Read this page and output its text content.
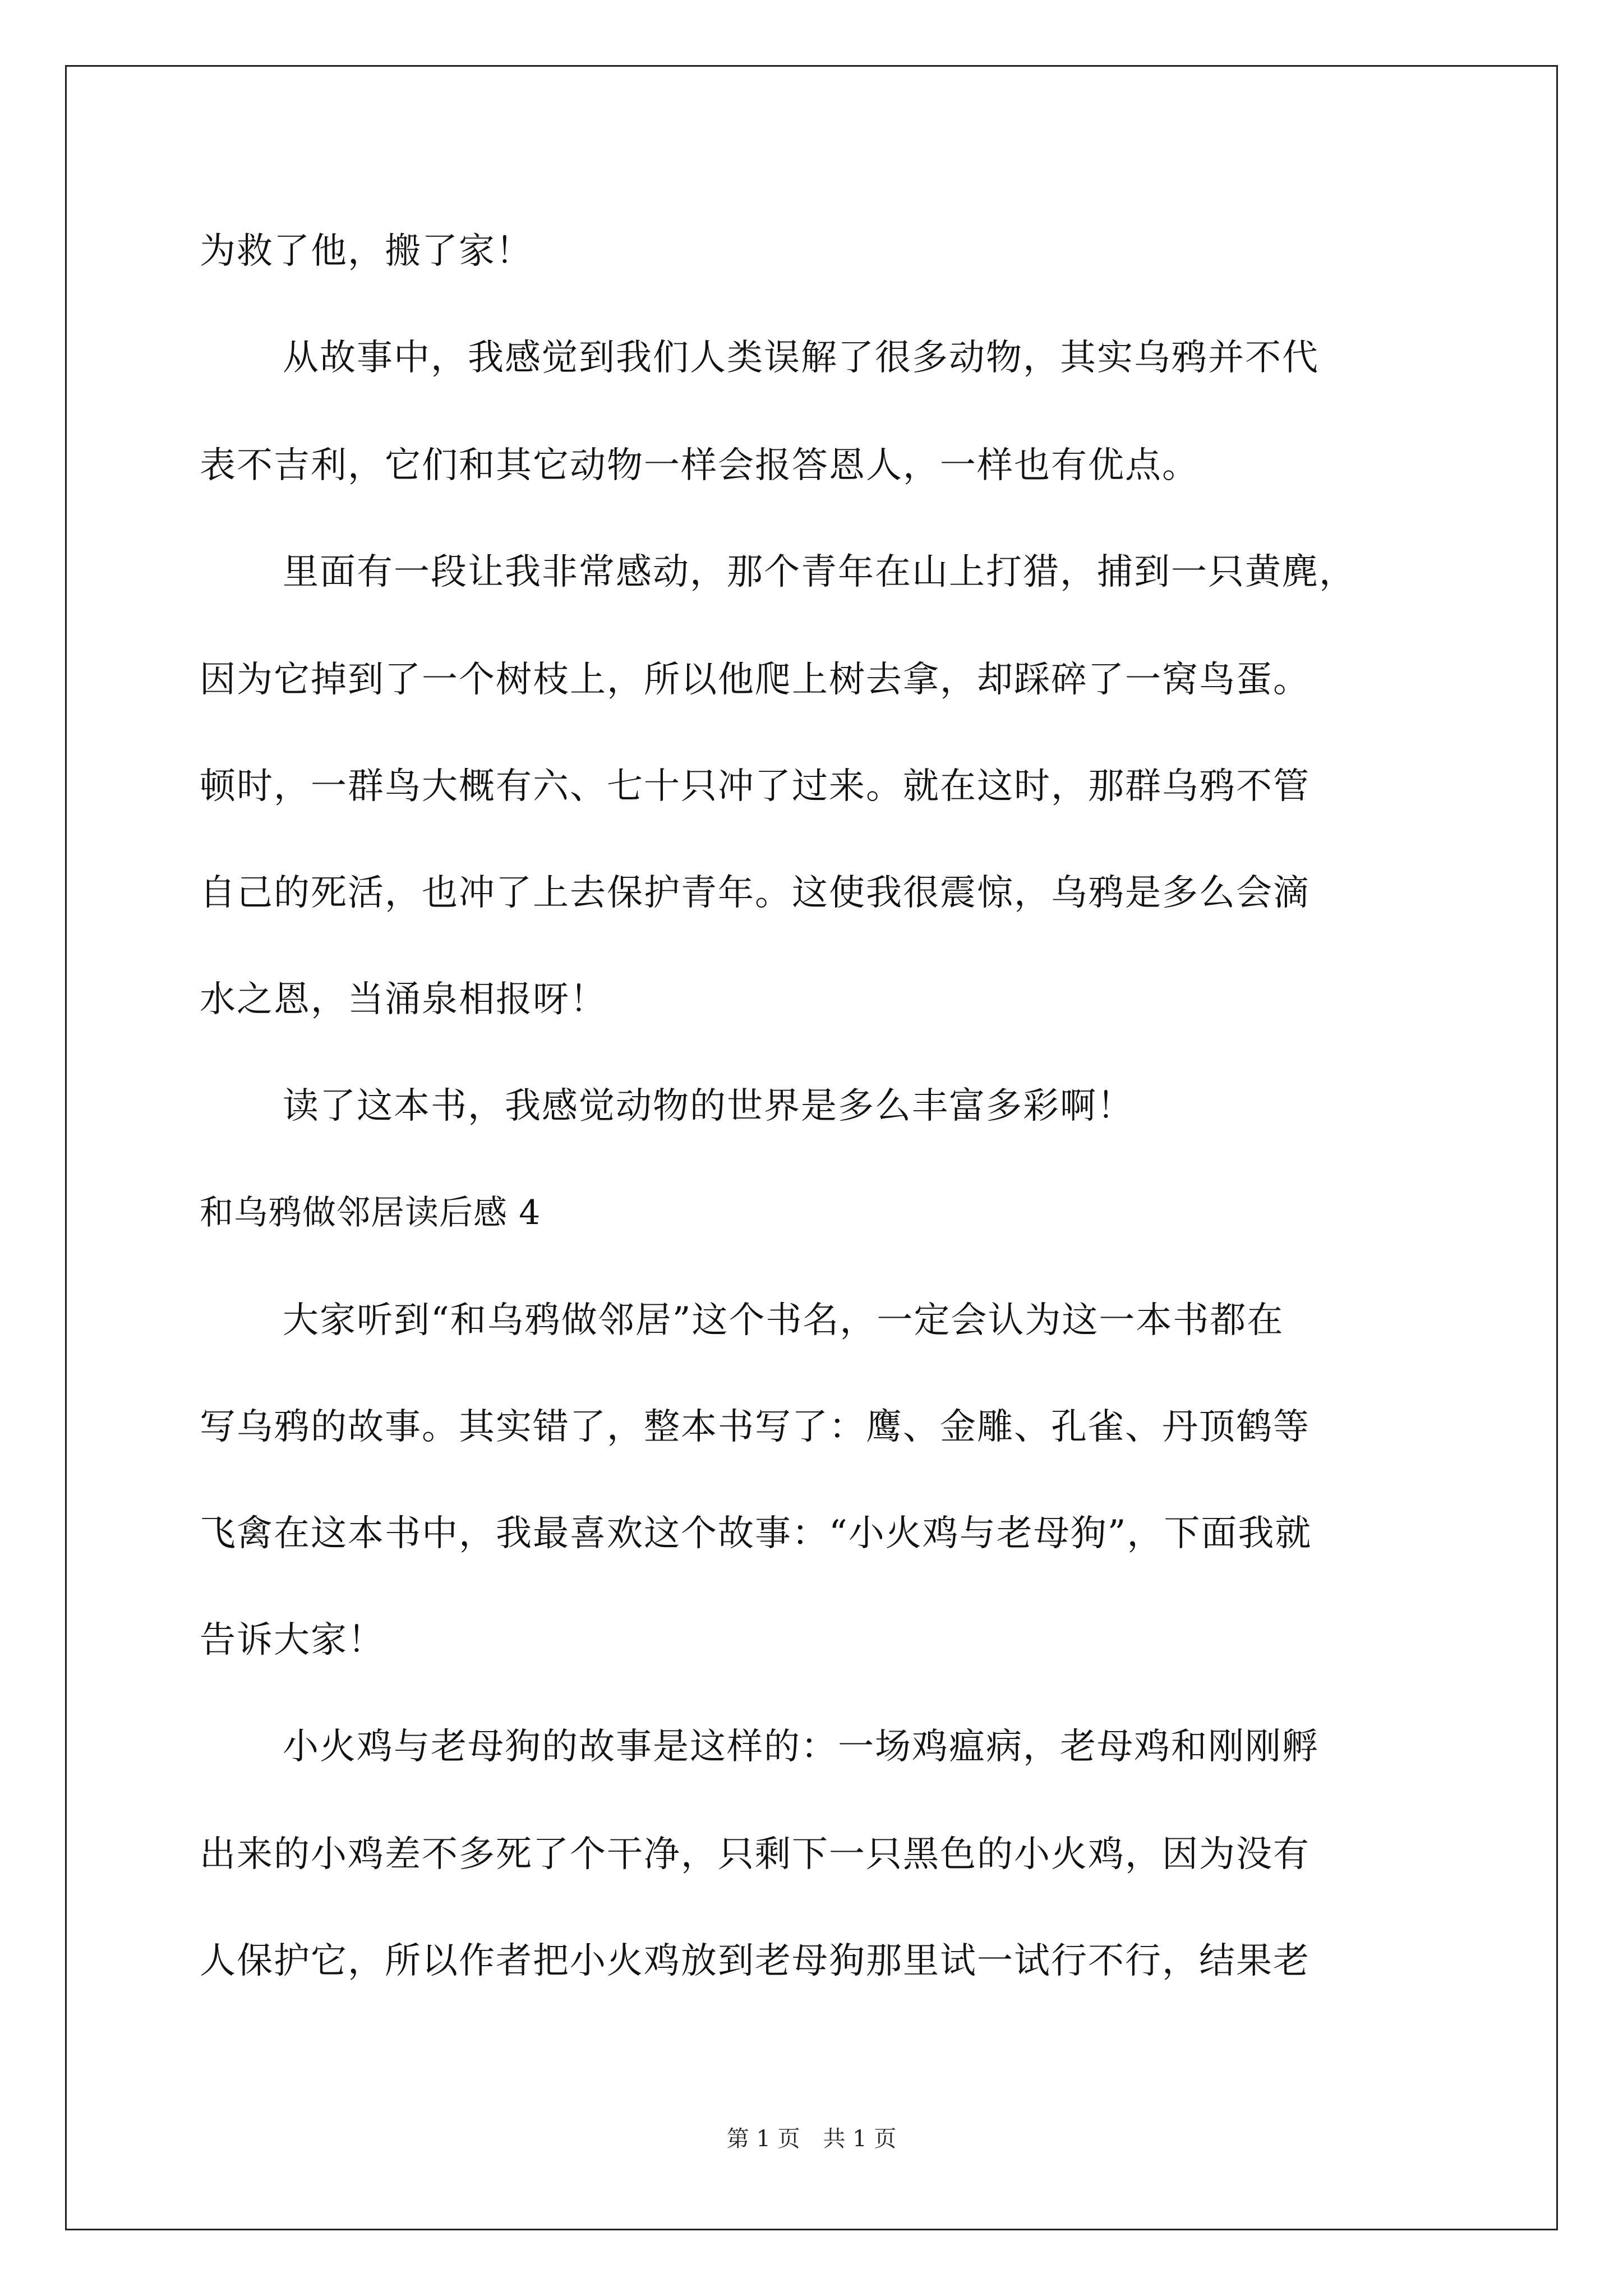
为救了他，搬了家！
从故事中，我感觉到我们人类误解了很多动物，其实乌鸦并不代
表不吉利，它们和其它动物一样会报答恩人，一样也有优点。
里面有一段让我非常感动，那个青年在山上打猎，捕到一只黄麂，
因为它掉到了一个树枝上，所以他爬上树去拿，却踩碎了一窝鸟蛋。
顿时，一群鸟大概有六、七十只冲了过来。就在这时，那群乌鸦不管
自己的死活，也冲了上去保护青年。这使我很震惊，乌鸦是多么会滴
水之恩，当涌泉相报呀！
读了这本书，我感觉动物的世界是多么丰富多彩啊！
和乌鸦做邻居读后感 4
大家听到“和乌鸦做邻居”这个书名，一定会认为这一本书都在
写乌鸦的故事。其实错了，整本书写了：鹰、金雕、孔雀、丹顶鹤等
飞禽在这本书中，我最喜欢这个故事：“小火鸡与老母狗”，下面我就
告诉大家！
小火鸡与老母狗的故事是这样的：一场鸡瘟病，老母鸡和刚刚孵
出来的小鸡差不多死了个干净，只剩下一只黑色的小火鸡，因为没有
人保护它，所以作者把小火鸡放到老母狗那里试一试行不行，结果老
第 1 页 共 1 页
